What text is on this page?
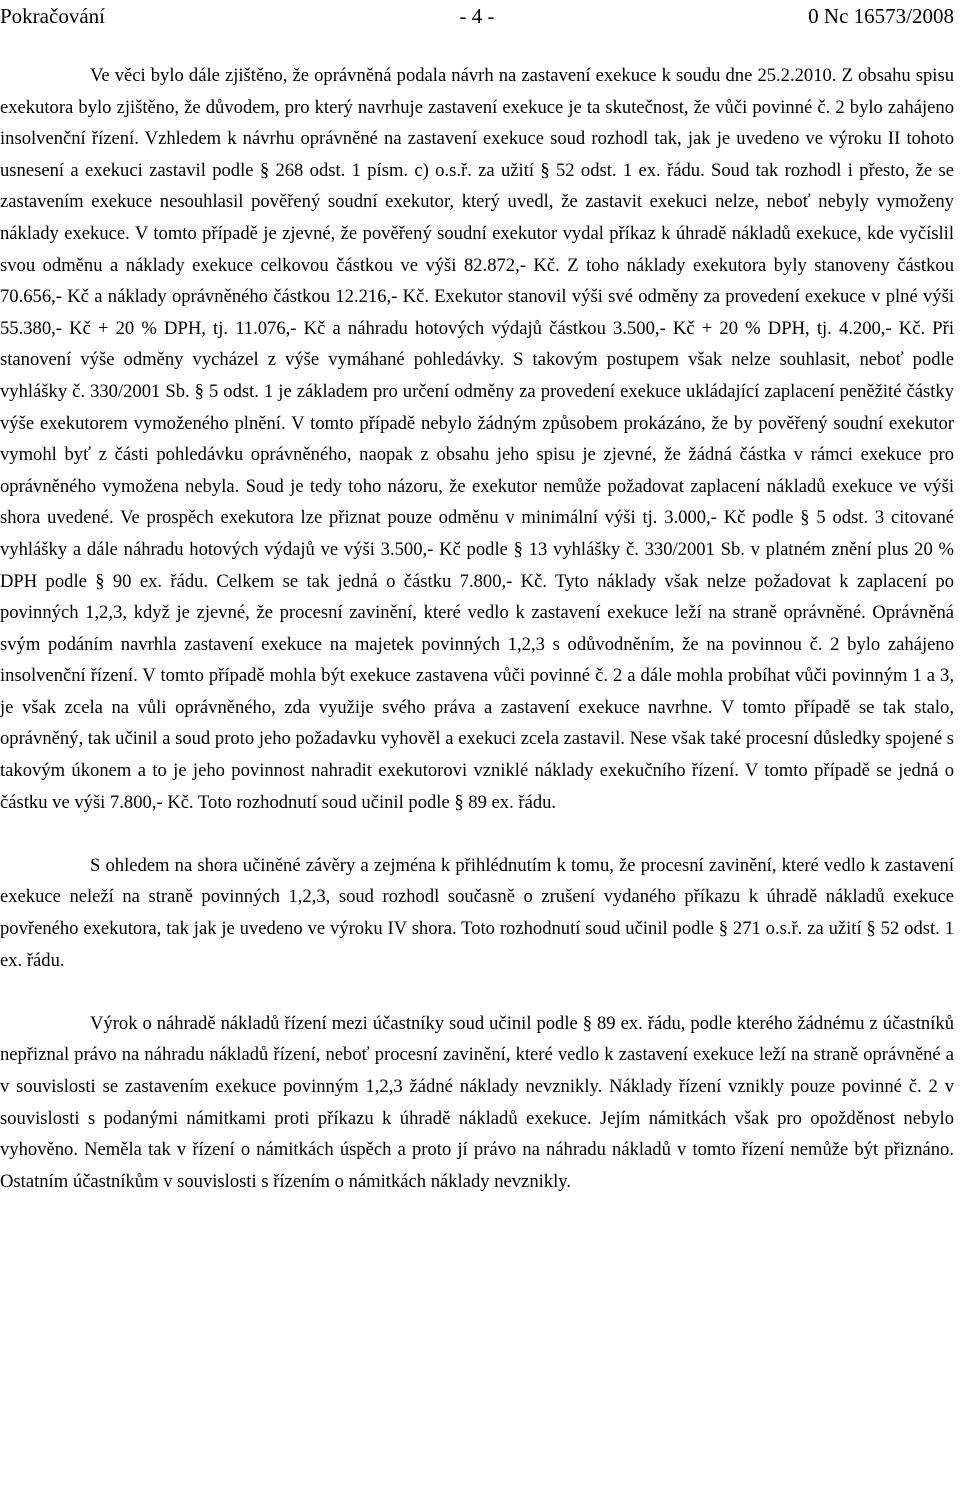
Pokračování	- 4 -	0 Nc 16573/2008

Ve věci bylo dále zjištěno, že oprávněná podala návrh na zastavení exekuce k soudu dne 25.2.2010. Z obsahu spisu exekutora bylo zjištěno, že důvodem, pro který navrhuje zastavení exekuce je ta skutečnost, že vůči povinné č. 2 bylo zahájeno insolvenční řízení. Vzhledem k návrhu oprávněné na zastavení exekuce soud rozhodl tak, jak je uvedeno ve výroku II tohoto usnesení a exekuci zastavil podle § 268 odst. 1 písm. c) o.s.ř. za užití § 52 odst. 1 ex. řádu. Soud tak rozhodl i přesto, že se zastavením exekuce nesouhlasil pověřený soudní exekutor, který uvedl, že zastavit exekuci nelze, neboť nebyly vymoženy náklady exekuce. V tomto případě je zjevné, že pověřený soudní exekutor vydal příkaz k úhradě nákladů exekuce, kde vyčíslil svou odměnu a náklady exekuce celkovou částkou ve výši 82.872,- Kč. Z toho náklady exekutora byly stanoveny částkou 70.656,- Kč a náklady oprávněného částkou 12.216,- Kč. Exekutor stanovil výši své odměny za provedení exekuce v plné výši 55.380,- Kč + 20 % DPH, tj. 11.076,- Kč a náhradu hotových výdajů částkou 3.500,- Kč + 20 % DPH, tj. 4.200,- Kč. Při stanovení výše odměny vycházel z výše vymáhané pohledávky. S takovým postupem však nelze souhlasit, neboť podle vyhlášky č. 330/2001 Sb. § 5 odst. 1 je základem pro určení odměny za provedení exekuce ukládající zaplacení peněžité částky výše exekutorem vymoženého plnění. V tomto případě nebylo žádným způsobem prokázáno, že by pověřený soudní exekutor vymohl byť z části pohledávku oprávněného, naopak z obsahu jeho spisu je zjevné, že žádná částka v rámci exekuce pro oprávněného vymožena nebyla. Soud je tedy toho názoru, že exekutor nemůže požadovat zaplacení nákladů exekuce ve výši shora uvedené. Ve prospěch exekutora lze přiznat pouze odměnu v minimální výši tj. 3.000,- Kč podle § 5 odst. 3 citované vyhlášky a dále náhradu hotových výdajů ve výši 3.500,- Kč podle § 13 vyhlášky č. 330/2001 Sb. v platném znění plus 20 % DPH podle § 90 ex. řádu. Celkem se tak jedná o částku 7.800,- Kč. Tyto náklady však nelze požadovat k zaplacení po povinných 1,2,3, když je zjevné, že procesní zavinění, které vedlo k zastavení exekuce leží na straně oprávněné. Oprávněná svým podáním navrhla zastavení exekuce na majetek povinných 1,2,3 s odůvodněním, že na povinnou č. 2 bylo zahájeno insolvenční řízení. V tomto případě mohla být exekuce zastavena vůči povinné č. 2 a dále mohla probíhat vůči povinným 1 a 3, je však zcela na vůli oprávněného, zda využije svého práva a zastavení exekuce navrhne. V tomto případě se tak stalo, oprávněný, tak učinil a soud proto jeho požadavku vyhověl a exekuci zcela zastavil. Nese však také procesní důsledky spojené s takovým úkonem a to je jeho povinnost nahradit exekutorovi vzniklé náklady exekučního řízení. V tomto případě se jedná o částku ve výši 7.800,- Kč. Toto rozhodnutí soud učinil podle § 89 ex. řádu.

S ohledem na shora učiněné závěry a zejména k přihlédnutím k tomu, že procesní zavinění, které vedlo k zastavení exekuce neleží na straně povinných 1,2,3, soud rozhodl současně o zrušení vydaného příkazu k úhradě nákladů exekuce povřeného exekutora, tak jak je uvedeno ve výroku IV shora. Toto rozhodnutí soud učinil podle § 271 o.s.ř. za užití § 52 odst. 1 ex. řádu.

Výrok o náhradě nákladů řízení mezi účastníky soud učinil podle § 89 ex. řádu, podle kterého žádnému z účastníků nepřiznal právo na náhradu nákladů řízení, neboť procesní zavinění, které vedlo k zastavení exekuce leží na straně oprávněné a v souvislosti se zastavením exekuce povinným 1,2,3 žádné náklady nevznikly. Náklady řízení vznikly pouze povinné č. 2 v souvislosti s podanými námitkami proti příkazu k úhradě nákladů exekuce. Jejím námitkách však pro opožděnost nebylo vyhověno. Neměla tak v řízení o námitkách úspěch a proto jí právo na náhradu nákladů v tomto řízení nemůže být přiznáno. Ostatním účastníkům v souvislosti s řízením o námitkách náklady nevznikly.
